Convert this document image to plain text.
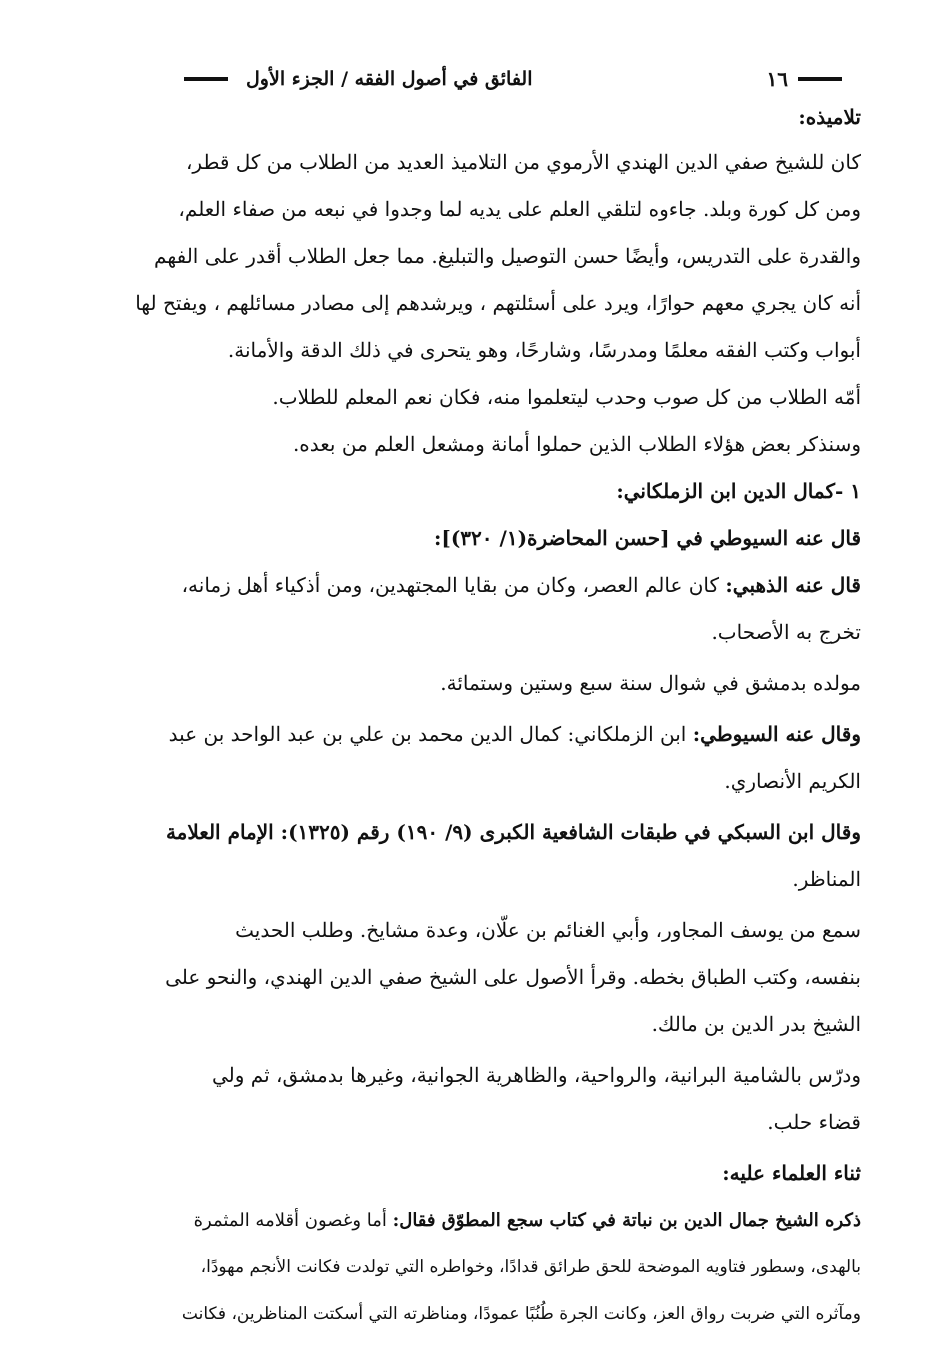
١٦
الفائق في أصول الفقه / الجزء الأول
تلاميذه:
كان للشيخ صفي الدين الهندي الأرموي من التلاميذ العديد من الطلاب من كل قطر،
ومن كل كورة وبلد. جاءوه لتلقي العلم على يديه لما وجدوا في نبعه من صفاء العلم،
والقدرة على التدريس، وأيضًا حسن التوصيل والتبليغ. مما جعل الطلاب أقدر على الفهم
أنه كان يجري معهم حوارًا، ويرد على أسئلتهم ، ويرشدهم إلى مصادر مسائلهم ، ويفتح لها
أبواب وكتب الفقه معلمًا ومدرسًا، وشارحًا، وهو يتحرى في ذلك الدقة والأمانة.
أمّه الطلاب من كل صوب وحدب ليتعلموا منه، فكان نعم المعلم للطلاب.
وسنذكر بعض هؤلاء الطلاب الذين حملوا أمانة ومشعل العلم من بعده.
١ -كمال الدين ابن الزملكاني:
قال عنه السيوطي في [حسن المحاضرة(١/ ٣٢٠)]:
قال عنه الذهبي: كان عالم العصر، وكان من بقايا المجتهدين، ومن أذكياء أهل زمانه،
تخرج به الأصحاب.
مولده بدمشق في شوال سنة سبع وستين وستمائة.
وقال عنه السيوطي: ابن الزملكاني: كمال الدين محمد بن علي بن عبد الواحد بن عبد
الكريم الأنصاري.
وقال ابن السبكي في طبقات الشافعية الكبرى (٩/ ١٩٠) رقم (١٣٢٥): الإمام العلامة
المناظر.
سمع من يوسف المجاور، وأبي الغنائم بن علّان، وعدة مشايخ. وطلب الحديث
بنفسه، وكتب الطباق بخطه. وقرأ الأصول على الشيخ صفي الدين الهندي، والنحو على
الشيخ بدر الدين بن مالك.
ودرّس بالشامية البرانية، والرواحية، والظاهرية الجوانية، وغيرها بدمشق، ثم ولي
قضاء حلب.
ثناء العلماء عليه:
ذكره الشيخ جمال الدين بن نباتة في كتاب سجع المطوّق فقال: أما وغصون أقلامه المثمرة
بالهدى، وسطور فتاويه الموضحة للحق طرائق قدادًا، وخواطره التي تولدت فكانت الأنجم مهودًا،
ومآثره التي ضربت رواق العز، وكانت الجرة طُنُبًا عمودًا، ومناظرته التي أسكتت المناظرين، فكانت
